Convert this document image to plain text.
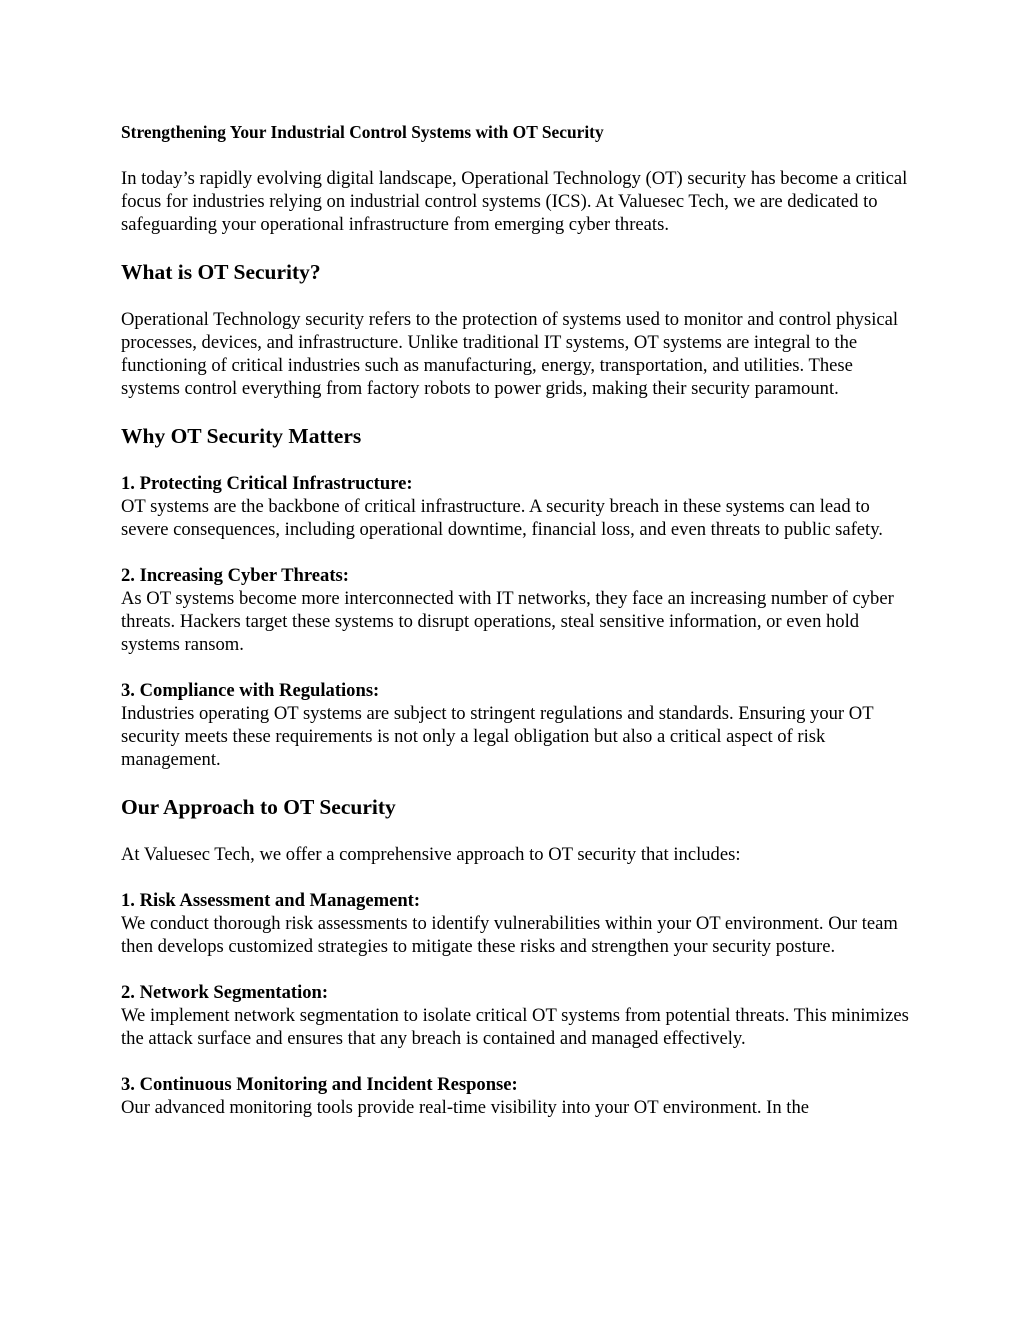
Strengthening Your Industrial Control Systems with OT Security
In today’s rapidly evolving digital landscape, Operational Technology (OT) security has become a critical focus for industries relying on industrial control systems (ICS). At Valuesec Tech, we are dedicated to safeguarding your operational infrastructure from emerging cyber threats.
What is OT Security?
Operational Technology security refers to the protection of systems used to monitor and control physical processes, devices, and infrastructure. Unlike traditional IT systems, OT systems are integral to the functioning of critical industries such as manufacturing, energy, transportation, and utilities. These systems control everything from factory robots to power grids, making their security paramount.
Why OT Security Matters
1. Protecting Critical Infrastructure:
OT systems are the backbone of critical infrastructure. A security breach in these systems can lead to severe consequences, including operational downtime, financial loss, and even threats to public safety.
2. Increasing Cyber Threats:
As OT systems become more interconnected with IT networks, they face an increasing number of cyber threats. Hackers target these systems to disrupt operations, steal sensitive information, or even hold systems ransom.
3. Compliance with Regulations:
Industries operating OT systems are subject to stringent regulations and standards. Ensuring your OT security meets these requirements is not only a legal obligation but also a critical aspect of risk management.
Our Approach to OT Security
At Valuesec Tech, we offer a comprehensive approach to OT security that includes:
1. Risk Assessment and Management:
We conduct thorough risk assessments to identify vulnerabilities within your OT environment. Our team then develops customized strategies to mitigate these risks and strengthen your security posture.
2. Network Segmentation:
We implement network segmentation to isolate critical OT systems from potential threats. This minimizes the attack surface and ensures that any breach is contained and managed effectively.
3. Continuous Monitoring and Incident Response:
Our advanced monitoring tools provide real-time visibility into your OT environment. In the
